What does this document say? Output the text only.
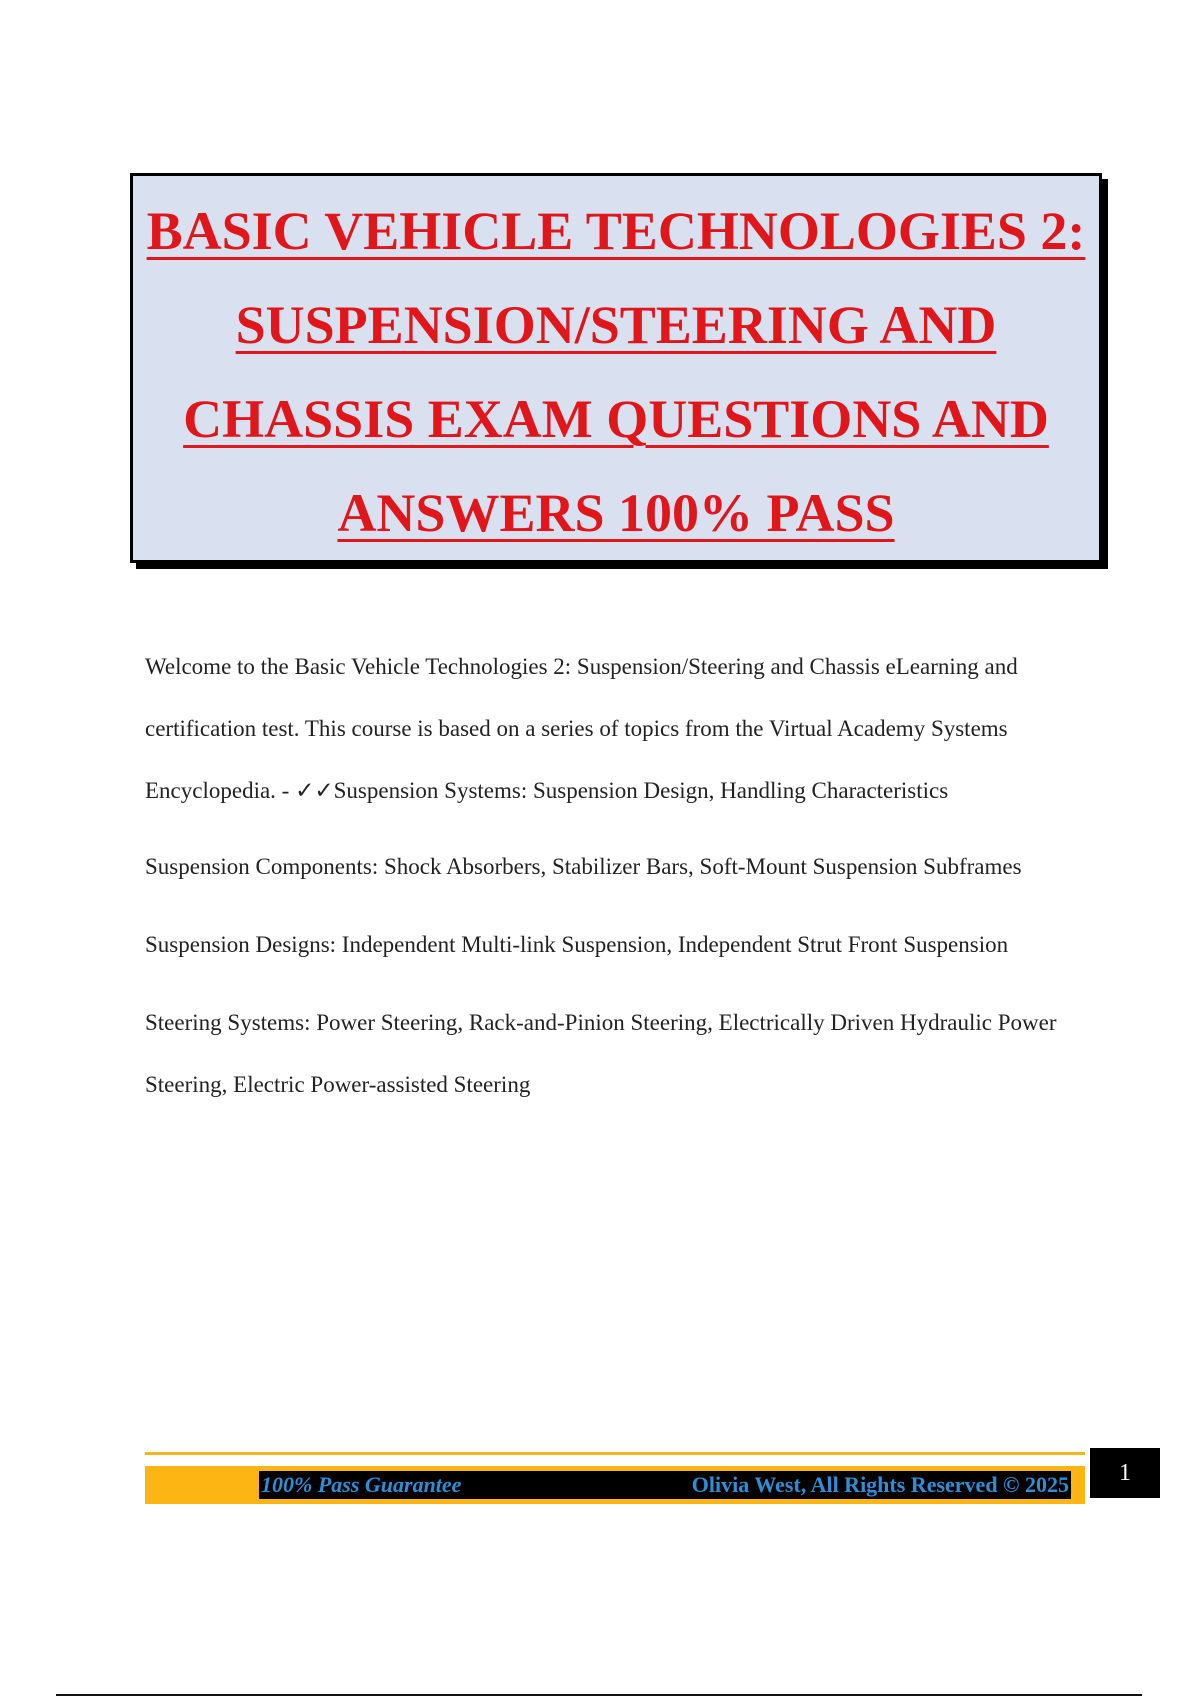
BASIC VEHICLE TECHNOLOGIES 2:
SUSPENSION/STEERING AND
CHASSIS EXAM QUESTIONS AND
ANSWERS 100% PASS

Welcome to the Basic Vehicle Technologies 2: Suspension/Steering and Chassis eLearning and certification test. This course is based on a series of topics from the Virtual Academy Systems Encyclopedia. - ✓✓Suspension Systems: Suspension Design, Handling Characteristics

Suspension Components: Shock Absorbers, Stabilizer Bars, Soft-Mount Suspension Subframes

Suspension Designs: Independent Multi-link Suspension, Independent Strut Front Suspension

Steering Systems: Power Steering, Rack-and-Pinion Steering, Electrically Driven Hydraulic Power Steering, Electric Power-assisted Steering

100% Pass Guarantee	Olivia West, All Rights Reserved © 2025	1
